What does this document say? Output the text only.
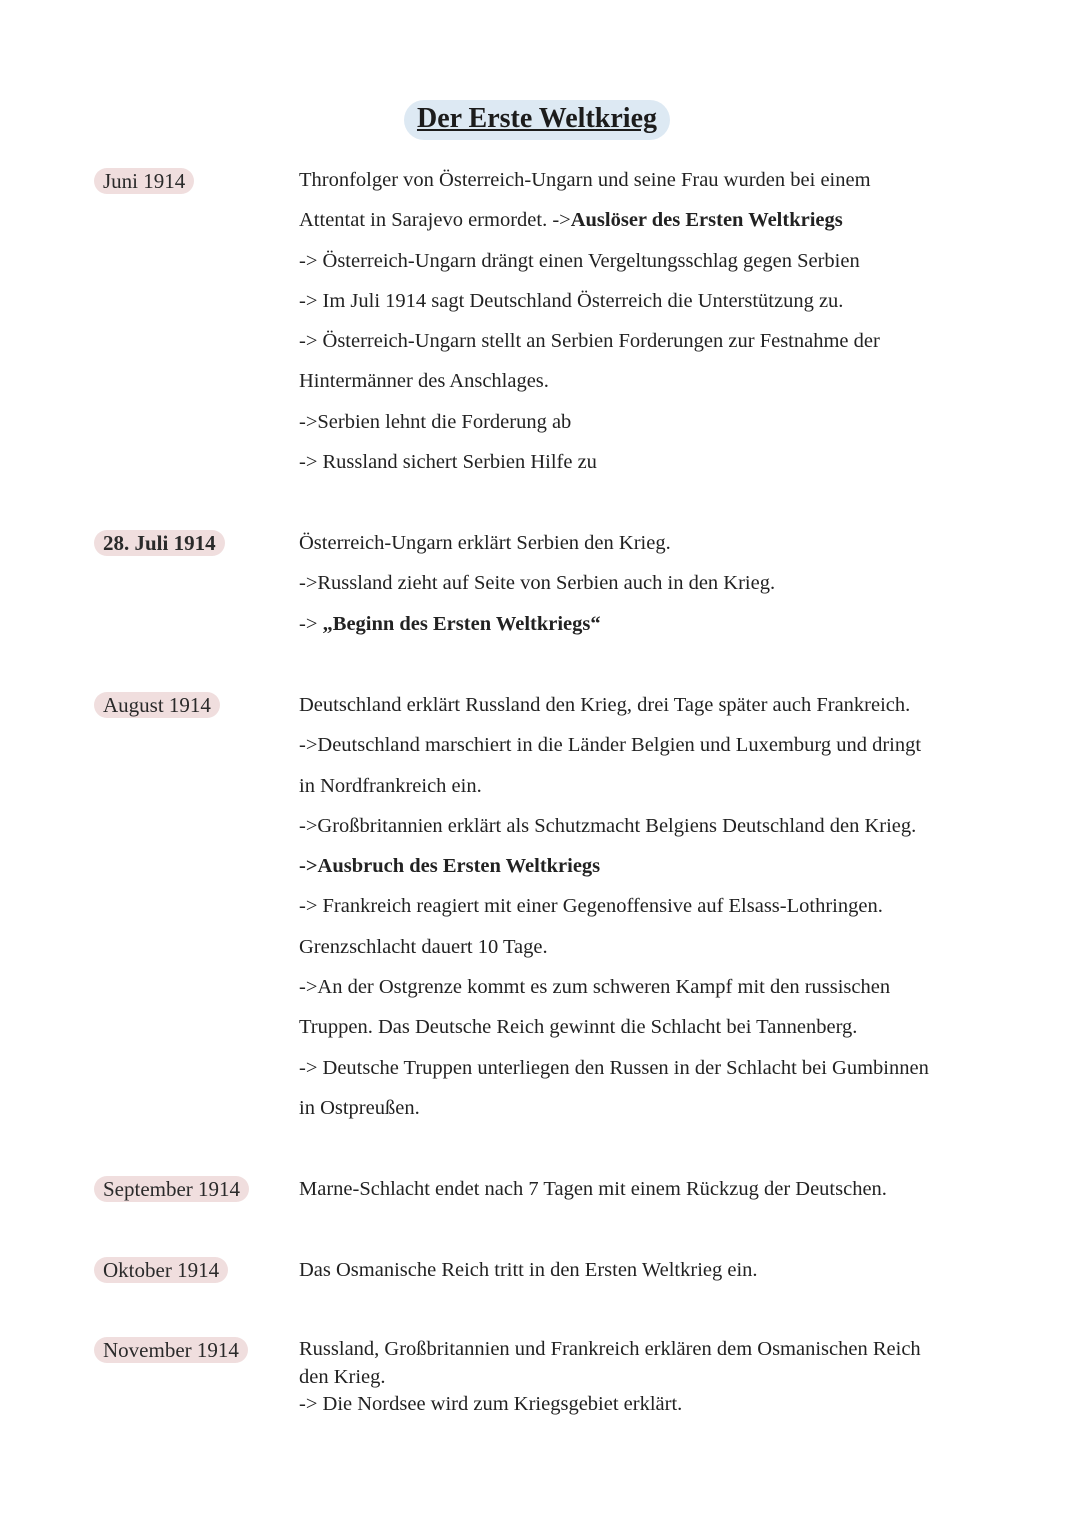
Der Erste Weltkrieg
Juni 1914	Thronfolger von Österreich-Ungarn und seine Frau wurden bei einem
Attentat in Sarajevo ermordet. ->Auslöser des Ersten Weltkriegs
-> Österreich-Ungarn drängt einen Vergeltungsschlag gegen Serbien
-> Im Juli 1914 sagt Deutschland Österreich die Unterstützung zu.
-> Österreich-Ungarn stellt an Serbien Forderungen zur Festnahme der
Hintermänner des Anschlages.
->Serbien lehnt die Forderung ab
-> Russland sichert Serbien Hilfe zu
28. Juli 1914	Österreich-Ungarn erklärt Serbien den Krieg.
->Russland zieht auf Seite von Serbien auch in den Krieg.
-> „Beginn des Ersten Weltkriegs“
August 1914	Deutschland erklärt Russland den Krieg, drei Tage später auch Frankreich.
->Deutschland marschiert in die Länder Belgien und Luxemburg und dringt
in Nordfrankreich ein.
->Großbritannien erklärt als Schutzmacht Belgiens Deutschland den Krieg.
->Ausbruch des Ersten Weltkriegs
-> Frankreich reagiert mit einer Gegenoffensive auf Elsass-Lothringen.
Grenzschlacht dauert 10 Tage.
->An der Ostgrenze kommt es zum schweren Kampf mit den russischen
Truppen. Das Deutsche Reich gewinnt die Schlacht bei Tannenberg.
-> Deutsche Truppen unterliegen den Russen in der Schlacht bei Gumbinnen
in Ostpreußen.
September 1914	Marne-Schlacht endet nach 7 Tagen mit einem Rückzug der Deutschen.
Oktober 1914	Das Osmanische Reich tritt in den Ersten Weltkrieg ein.
November 1914	Russland, Großbritannien und Frankreich erklären dem Osmanischen Reich
den Krieg.
-> Die Nordsee wird zum Kriegsgebiet erklärt.
